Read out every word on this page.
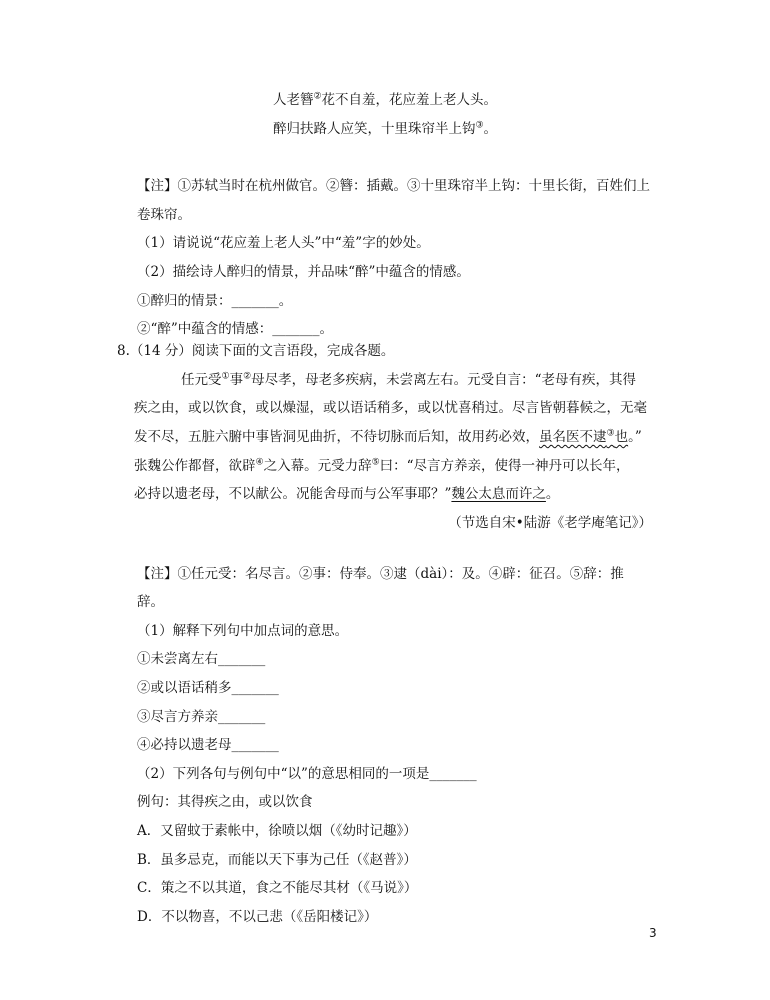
人老簪②花不自羞，花应羞上老人头。
醉归扶路人应笑，十里珠帘半上钩③。
【注】①苏轼当时在杭州做官。②簪：插戴。③十里珠帘半上钩：十里长街，百姓们上
卷珠帘。
（1）请说说“花应羞上老人头”中“羞”字的妙处。
（2）描绘诗人醉归的情景，并品味“醉”中蕴含的情感。
①醉归的情景：_______。
②“醉”中蕴含的情感：_______。
8.（14 分）阅读下面的文言语段，完成各题。
任元受①事②母尽孝，母老多疾病，未尝离左右。元受自言：“老母有疾，其得
疾之由，或以饮食，或以燥湿，或以语话稍多，或以忧喜稍过。尽言皆朝暮候之，无毫
发不尽，五脏六腑中事皆洞见曲折，不待切脉而后知，故用药必效，虽名医不逮③也。”
张魏公作都督，欲辟④之入幕。元受力辞⑤曰：“尽言方养亲，使得一神丹可以长年，
必持以遗老母，不以献公。况能舍母而与公军事耶？”魏公太息而许之。
（节选自宋•陆游《老学庵笔记》）
【注】①任元受：名尽言。②事：侍奉。③逮（dài）：及。④辟：征召。⑤辞：推
辞。
（1）解释下列句中加点词的意思。
①未尝离左右_______
②或以语话稍多_______
③尽言方养亲_______
④必持以遗老母_______
（2）下列各句与例句中“以”的意思相同的一项是_______
例句：其得疾之由，或以饮食
A．又留蚊于素帐中，徐喷以烟（《幼时记趣》）
B．虽多忌克，而能以天下事为己任（《赵普》）
C．策之不以其道，食之不能尽其材（《马说》）
D．不以物喜，不以己悲（《岳阳楼记》）
3
